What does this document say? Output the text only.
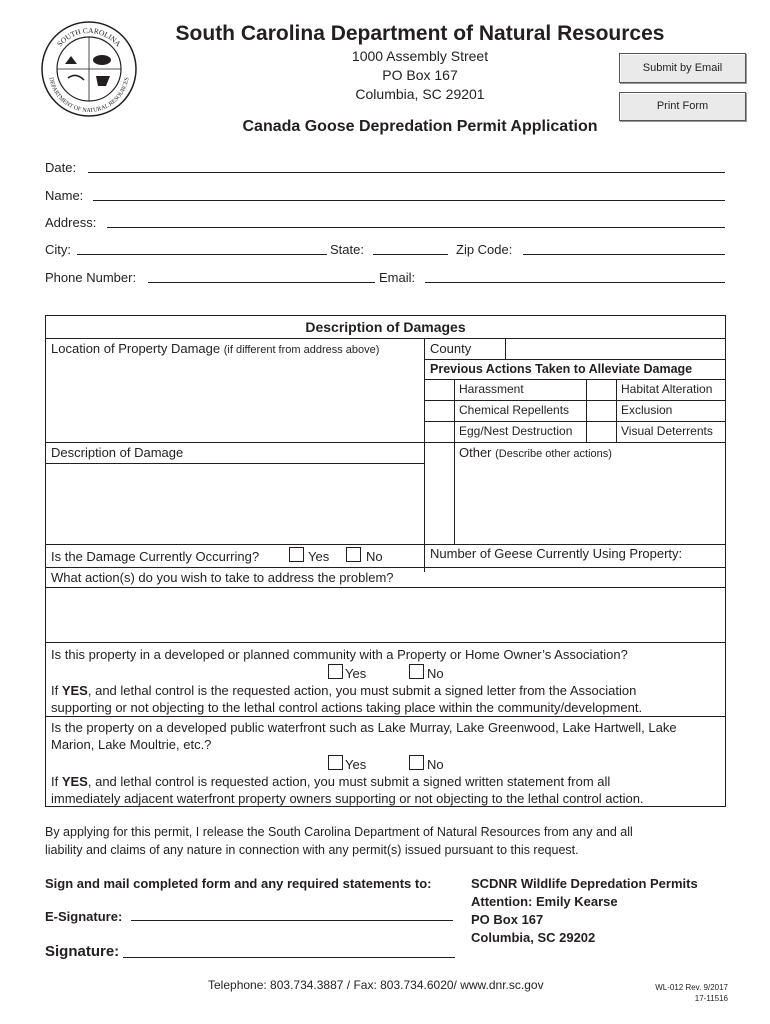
SOUTH CAROLINA
DEPARTMENT OF NATURAL RESOURCES
South Carolina Department of Natural Resources
1000 Assembly Street
PO Box 167
Columbia, SC 29201
Canada Goose Depredation Permit Application
Submit by Email
Print Form
Date:
Name:
Address:
City:	State:	Zip Code:
Phone Number:	Email:
Description of Damages
Location of Property Damage (if different from address above)	County
Previous Actions Taken to Alleviate Damage
Harassment	Habitat Alteration
Chemical Repellents	Exclusion
Egg/Nest Destruction	Visual Deterrents
Other (Describe other actions)
Description of Damage
Is the Damage Currently Occurring?	Yes	No	Number of Geese Currently Using Property:
What action(s) do you wish to take to address the problem?
Is this property in a developed or planned community with a Property or Home Owner’s Association?
Yes	No
If YES, and lethal control is the requested action, you must submit a signed letter from the Association
supporting or not objecting to the lethal control actions taking place within the community/development.
Is the property on a developed public waterfront such as Lake Murray, Lake Greenwood, Lake Hartwell, Lake
Marion, Lake Moultrie, etc.?
Yes	No
If YES, and lethal control is requested action, you must submit a signed written statement from all
immediately adjacent waterfront property owners supporting or not objecting to the lethal control action.
By applying for this permit, I release the South Carolina Department of Natural Resources from any and all
liability and claims of any nature in connection with any permit(s) issued pursuant to this request.
Sign and mail completed form and any required statements to:	SCDNR Wildlife Depredation Permits
Attention: Emily Kearse
PO Box 167
Columbia, SC 29202
E-Signature:
Signature:
Telephone: 803.734.3887 / Fax: 803.734.6020/ www.dnr.sc.gov	WL-012 Rev. 9/2017
17-11516
